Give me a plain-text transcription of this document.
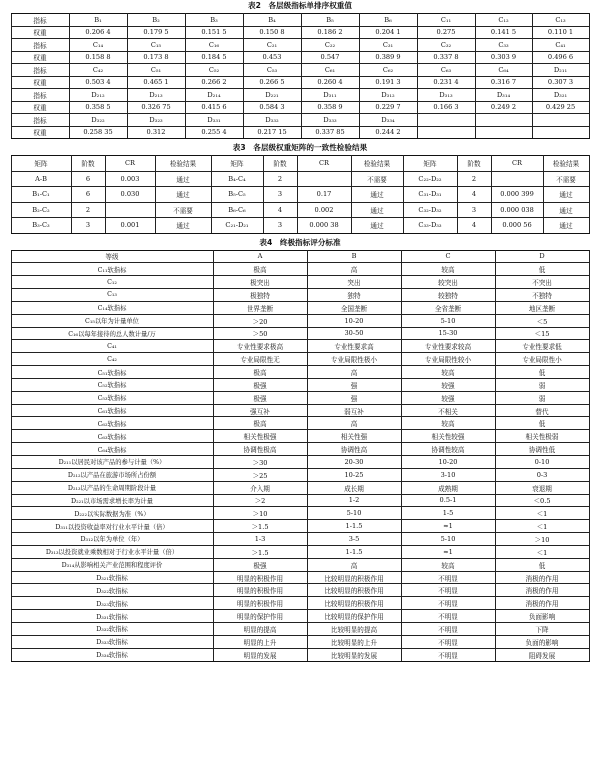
表2　各层级指标单排序权重值
指标	B₁	B₂	B₃	B₄	B₅	B₆	C₁₁	C₁₂	C₁₃
权重	0.206 4	0.179 5	0.151 5	0.150 8	0.186 2	0.204 1	0.275	0.141 5	0.110 1
指标	C₁₄	C₁₅	C₁₆	C₂₁	C₂₂	C₃₁	C₃₂	C₃₃	C₄₁
权重	0.158 8	0.173 8	0.184 5	0.453	0.547	0.389 9	0.337 8	0.303 9	0.496 6
指标	C₄₂	C₅₁	C₅₂	C₅₃	C₆₁	C₆₂	C₆₃	C₆₄	D₂₁₁
权重	0.503 4	0.465 1	0.266 2	0.266 5	0.260 4	0.191 3	0.231 4	0.316 7	0.307 3
指标	D₂₁₂	D₂₁₃	D₂₁₄	D₂₂₁	D₃₁₁	D₃₁₂	D₃₁₃	D₃₁₄	D₃₂₁
权重	0.358 5	0.326 75	0.415 6	0.584 3	0.358 9	0.229 7	0.166 3	0.249 2	0.429 25
指标	D₃₂₂	D₃₂₃	D₃₃₁	D₃₃₂	D₃₃₃	D₃₃₄			
权重	0.258 35	0.312	0.255 4	0.217 15	0.337 85	0.244 2			
表3　各层级权重矩阵的一致性检验结果
矩阵	阶数	CR	检验结果	矩阵	阶数	CR	检验结果	矩阵	阶数	CR	检验结果
A-B	6	0.003	通过	B₄-C₄	2		不需要	C₂₂-D₂₂	2		不需要
B₁-C₁	6	0.030	通过	B₅-C₅	3	0.17	通过	C₃₁-D₃₁	4	0.000 399	通过
B₂-C₂	2		不需要	B₆-C₆	4	0.002	通过	C₃₂-D₃₂	3	0.000 038	通过
B₃-C₃	3	0.001	通过	C₂₁-D₂₁	3	0.000 38	通过	C₃₃-D₃₃	4	0.000 56	通过
表4　终极指标评分标准
等级	A	B	C	D
C₁₁软指标	极高	高	较高	低
C₁₂	极突出	突出	较突出	不突出
C₁₃	极独特	独特	较独特	不独特
C₁₄软指标	世界垄断	全国垄断	全省垄断	地区垄断
C₁₅以年为计量单位	＞20	10-20	5-10	＜5
C₁₆以每年接待的总人数计量/万	＞50	30-50	15-30	＜15
C₄₁	专业性要求极高	专业性要求高	专业性要求较高	专业性要求低
C₄₂	专业局限性无	专业局限性极小	专业局限性较小	专业局限性小
C₅₁软指标	极高	高	较高	低
C₅₂软指标	极强	强	较强	弱
C₅₃软指标	极强	强	较强	弱
C₆₁软指标	强互补	弱互补	不相关	替代
C₆₂软指标	极高	高	较高	低
C₆₃软指标	相关性极强	相关性强	相关性较强	相关性极弱
C₆₄软指标	协调性极高	协调性高	协调性较高	协调性低
D₂₁₁以居民对该产品的参与计量（%）	＞30	20-30	10-20	0-10
D₂₁₂以产品在旅游市场所占份额	＞25	10-25	3-10	0-3
D₂₁₃以产品的生命周期阶段计量	介入期	成长期	成熟期	衰退期
D₂₂₁以市场需求增长率为计量	＞2	1-2	0.5-1	＜0.5
D₂₂₂以实际数据为准（%）	＞10	5-10	1-5	＜1
D₃₁₁以投资收益率对行业水平计量（倍）	＞1.5	1-1.5	≈1	＜1
D₃₁₂以年为单位（年）	1-3	3-5	5-10	＞10
D₃₁₃以投资就业乘数相对于行业水平计量（倍）	＞1.5	1-1.5	≈1	＜1
D₃₁₄从影响相关产业范围和程度评价	极强	高	较高	低
D₃₂₁软指标	明显的积极作用	比较明显的积极作用	不明显	消极的作用
D₃₂₂软指标	明显的积极作用	比较明显的积极作用	不明显	消极的作用
D₃₂₃软指标	明显的积极作用	比较明显的积极作用	不明显	消极的作用
D₃₃₁软指标	明显的保护作用	比较明显的保护作用	不明显	负面影响
D₃₃₂软指标	明显的提高	比较明显的提高	不明显	下降
D₃₃₃软指标	明显的上升	比较明显的上升	不明显	负面的影响
D₃₃₄软指标	明显的发展	比较明显的发展	不明显	阻碍发展
